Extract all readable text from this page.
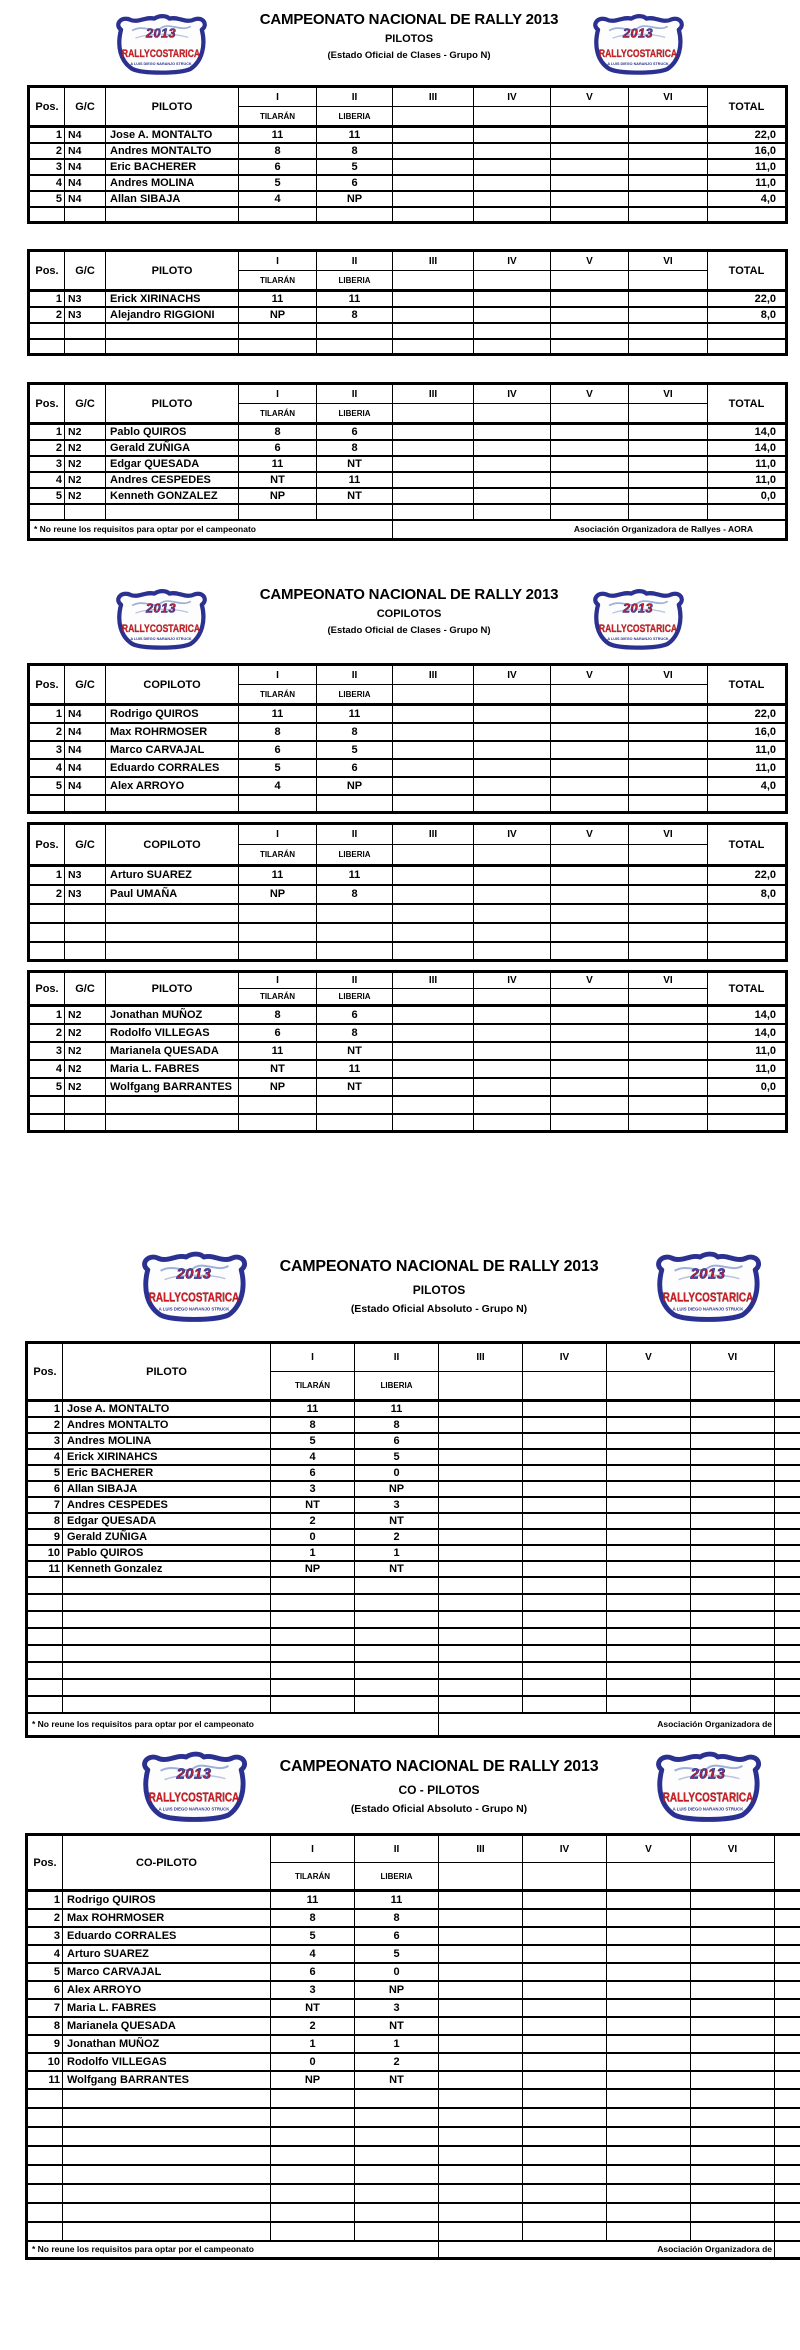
CAMPEONATO NACIONAL DE RALLY 2013
PILOTOS
(Estado Oficial de Clases - Grupo N)
Pos.	G/C	PILOTO	I	II	III	IV	V	VI	TOTAL
			TILARÁN	LIBERIA					
1	N4	Jose A. MONTALTO	11	11					22,0
2	N4	Andres MONTALTO	8	8					16,0
3	N4	Eric BACHERER	6	5					11,0
4	N4	Andres MOLINA	5	6					11,0
5	N4	Allan SIBAJA	4	NP					4,0

Pos.	G/C	PILOTO	I	II	III	IV	V	VI	TOTAL
			TILARÁN	LIBERIA					
1	N3	Erick XIRINACHS	11	11					22,0
2	N3	Alejandro RIGGIONI	NP	8					8,0

Pos.	G/C	PILOTO	I	II	III	IV	V	VI	TOTAL
			TILARÁN	LIBERIA					
1	N2	Pablo QUIROS	8	6					14,0
2	N2	Gerald ZUÑIGA	6	8					14,0
3	N2	Edgar QUESADA	11	NT					11,0
4	N2	Andres CESPEDES	NT	11					11,0
5	N2	Kenneth GONZALEZ	NP	NT					0,0

* No reune los requisitos para optar por el campeonato					Asociación Organizadora de Rallyes - AORA				
CAMPEONATO NACIONAL DE RALLY 2013
COPILOTOS
(Estado Oficial de Clases - Grupo N)
Pos.	G/C	COPILOTO	I	II	III	IV	V	VI	TOTAL
			TILARÁN	LIBERIA					
1	N4	Rodrigo QUIROS	11	11					22,0
2	N4	Max ROHRMOSER	8	8					16,0
3	N4	Marco CARVAJAL	6	5					11,0
4	N4	Eduardo CORRALES	5	6					11,0
5	N4	Alex ARROYO	4	NP					4,0

Pos.	G/C	COPILOTO	I	II	III	IV	V	VI	TOTAL
			TILARÁN	LIBERIA					
1	N3	Arturo SUAREZ	11	11					22,0
2	N3	Paul UMAÑA	NP	8					8,0

Pos.	G/C	PILOTO	I	II	III	IV	V	VI	TOTAL
			TILARÁN	LIBERIA					
1	N2	Jonathan MUÑOZ	8	6					14,0
2	N2	Rodolfo VILLEGAS	6	8					14,0
3	N2	Marianela QUESADA	11	NT					11,0
4	N2	Maria L. FABRES	NT	11					11,0
5	N2	Wolfgang BARRANTES	NP	NT					0,0

CAMPEONATO NACIONAL DE RALLY 2013
PILOTOS
(Estado Oficial Absoluto - Grupo N)
Pos.	PILOTO	I	II	III	IV	V	VI	
		TILARÁN	LIBERIA					
1	Jose A. MONTALTO	11	11					
2	Andres MONTALTO	8	8					
3	Andres MOLINA	5	6					
4	Erick XIRINAHCS	4	5					
5	Eric BACHERER	6	0					
6	Allan SIBAJA	3	NP					
7	Andres CESPEDES	NT	3					
8	Edgar QUESADA	2	NT					
9	Gerald ZUÑIGA	0	2					
10	Pablo QUIROS	1	1					
11	Kenneth Gonzalez	NP	NT					

* No reune los requisitos para optar por el campeonato				Asociación Organizadora de				
CAMPEONATO NACIONAL DE RALLY 2013
CO - PILOTOS
(Estado Oficial Absoluto - Grupo N)
Pos.	CO-PILOTO	I	II	III	IV	V	VI	
		TILARÁN	LIBERIA					
1	Rodrigo QUIROS	11	11					
2	Max ROHRMOSER	8	8					
3	Eduardo CORRALES	5	6					
4	Arturo SUAREZ	4	5					
5	Marco CARVAJAL	6	0					
6	Alex ARROYO	3	NP					
7	Maria L. FABRES	NT	3					
8	Marianela QUESADA	2	NT					
9	Jonathan MUÑOZ	1	1					
10	Rodolfo VILLEGAS	0	2					
11	Wolfgang BARRANTES	NP	NT					

* No reune los requisitos para optar por el campeonato				Asociación Organizadora de				
